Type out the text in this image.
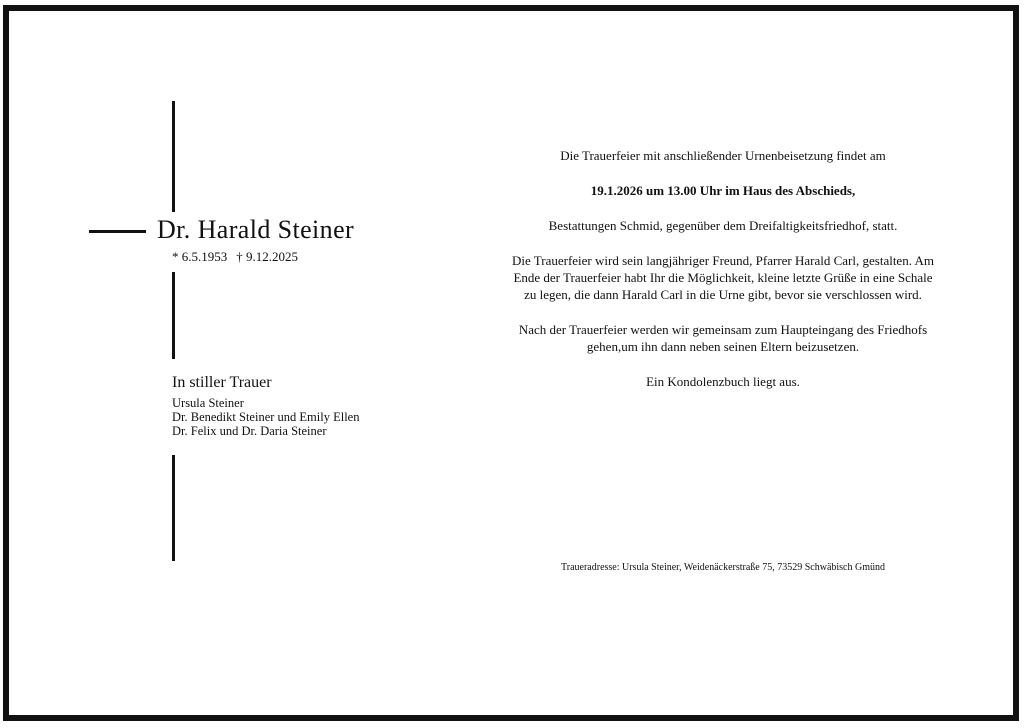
Dr. Harald Steiner
* 6.5.1953 † 9.12.2025
In stiller Trauer
Ursula Steiner
Dr. Benedikt Steiner und Emily Ellen
Dr. Felix und Dr. Daria Steiner

Die Trauerfeier mit anschließender Urnenbeisetzung findet am

19.1.2026 um 13.00 Uhr im Haus des Abschieds,

Bestattungen Schmid, gegenüber dem Dreifaltigkeitsfriedhof, statt.

Die Trauerfeier wird sein langjähriger Freund, Pfarrer Harald Carl, gestalten. Am
Ende der Trauerfeier habt Ihr die Möglichkeit, kleine letzte Grüße in eine Schale
zu legen, die dann Harald Carl in die Urne gibt, bevor sie verschlossen wird.

Nach der Trauerfeier werden wir gemeinsam zum Haupteingang des Friedhofs
gehen,um ihn dann neben seinen Eltern beizusetzen.

Ein Kondolenzbuch liegt aus.

Traueradresse: Ursula Steiner, Weidenäckerstraße 75, 73529 Schwäbisch Gmünd
